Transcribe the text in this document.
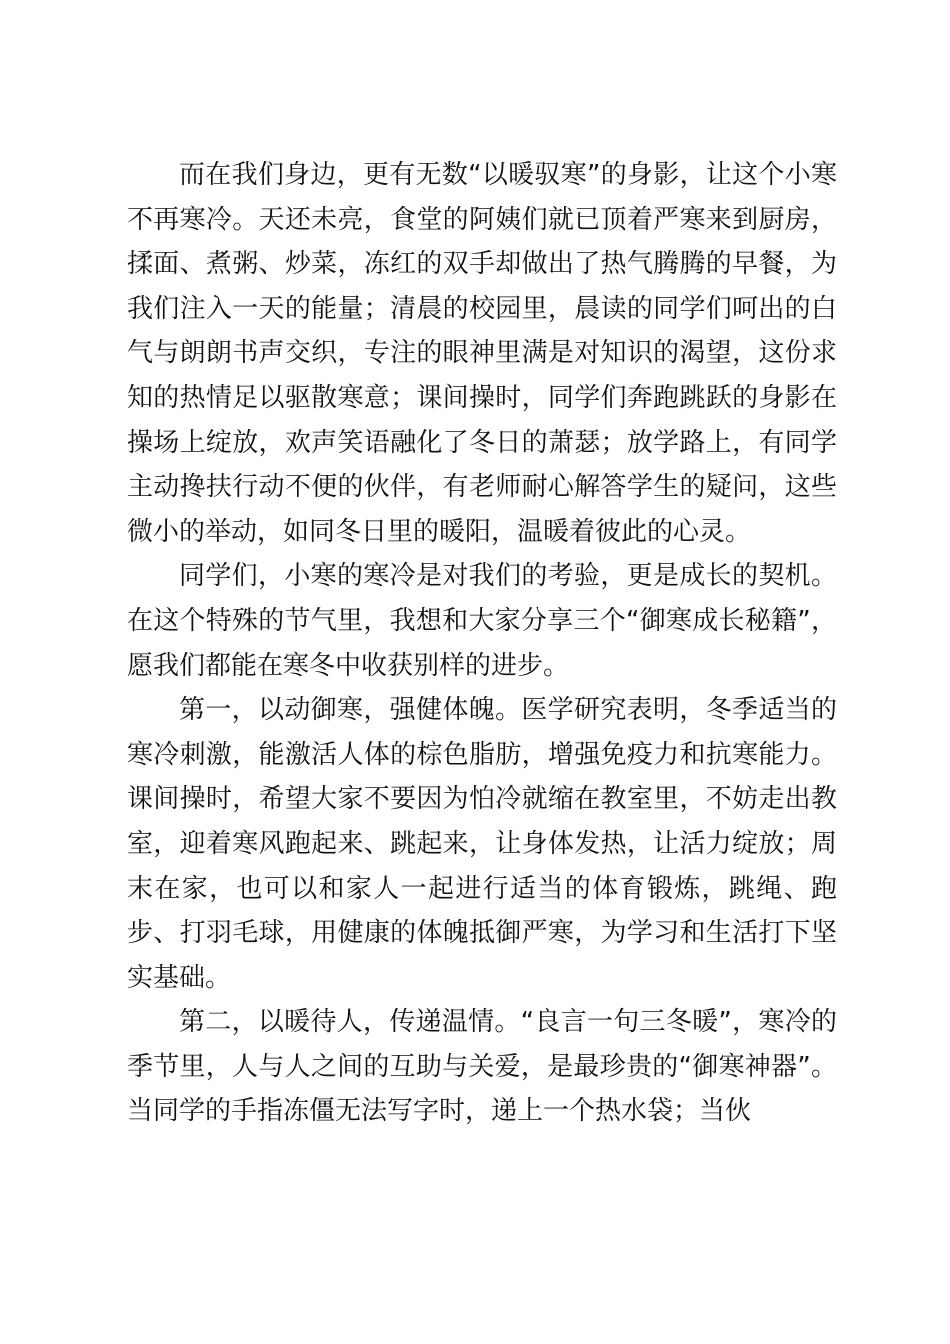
而在我们身边，更有无数“以暖驭寒”的身影，让这个小寒不再寒冷。天还未亮，食堂的阿姨们就已顶着严寒来到厨房，揉面、煮粥、炒菜，冻红的双手却做出了热气腾腾的早餐，为我们注入一天的能量；清晨的校园里，晨读的同学们呵出的白气与朗朗书声交织，专注的眼神里满是对知识的渴望，这份求知的热情足以驱散寒意；课间操时，同学们奔跑跳跃的身影在操场上绽放，欢声笑语融化了冬日的萧瑟；放学路上，有同学主动搀扶行动不便的伙伴，有老师耐心解答学生的疑问，这些微小的举动，如同冬日里的暖阳，温暖着彼此的心灵。

同学们，小寒的寒冷是对我们的考验，更是成长的契机。在这个特殊的节气里，我想和大家分享三个“御寒成长秘籍”，愿我们都能在寒冬中收获别样的进步。

第一，以动御寒，强健体魄。医学研究表明，冬季适当的寒冷刺激，能激活人体的棕色脂肪，增强免疫力和抗寒能力。课间操时，希望大家不要因为怕冷就缩在教室里，不妨走出教室，迎着寒风跑起来、跳起来，让身体发热，让活力绽放；周末在家，也可以和家人一起进行适当的体育锻炼，跳绳、跑步、打羽毛球，用健康的体魄抵御严寒，为学习和生活打下坚实基础。

第二，以暖待人，传递温情。“良言一句三冬暖”，寒冷的季节里，人与人之间的互助与关爱，是最珍贵的“御寒神器”。当同学的手指冻僵无法写字时，递上一个热水袋；当伙
